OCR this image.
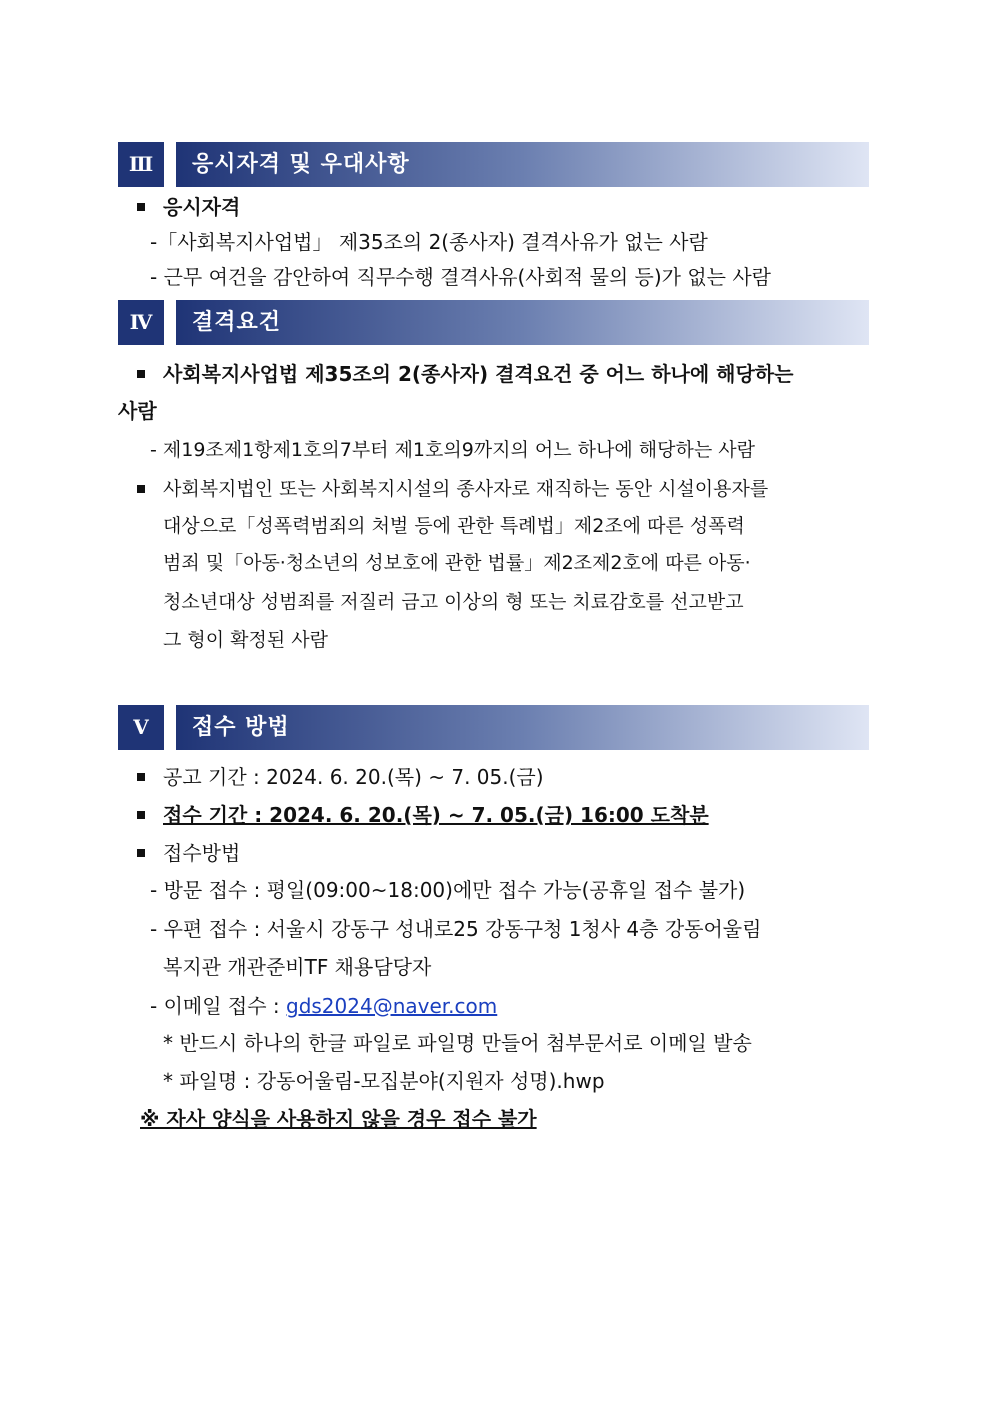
Ⅲ	응시자격 및 우대사항
응시자격
-「사회복지사업법」 제35조의 2(종사자) 결격사유가 없는 사람
- 근무 여건을 감안하여 직무수행 결격사유(사회적 물의 등)가 없는 사람
Ⅳ	결격요건
사회복지사업법 제35조의 2(종사자) 결격요건 중 어느 하나에 해당하는
사람
- 제19조제1항제1호의7부터 제1호의9까지의 어느 하나에 해당하는 사람
사회복지법인 또는 사회복지시설의 종사자로 재직하는 동안 시설이용자를
대상으로「성폭력범죄의 처벌 등에 관한 특례법」제2조에 따른 성폭력
범죄 및「아동·청소년의 성보호에 관한 법률」제2조제2호에 따른 아동·
청소년대상 성범죄를 저질러 금고 이상의 형 또는 치료감호를 선고받고
그 형이 확정된 사람
Ⅴ	접수 방법
공고 기간 : 2024. 6. 20.(목) ~ 7. 05.(금)
접수 기간 : 2024. 6. 20.(목) ~ 7. 05.(금) 16:00 도착분
접수방법
- 방문 접수 : 평일(09:00~18:00)에만 접수 가능(공휴일 접수 불가)
- 우편 접수 : 서울시 강동구 성내로25 강동구청 1청사 4층 강동어울림
복지관 개관준비TF 채용담당자
- 이메일 접수 : gds2024@naver.com
* 반드시 하나의 한글 파일로 파일명 만들어 첨부문서로 이메일 발송
* 파일명 : 강동어울림-모집분야(지원자 성명).hwp
※ 자사 양식을 사용하지 않을 경우 접수 불가
